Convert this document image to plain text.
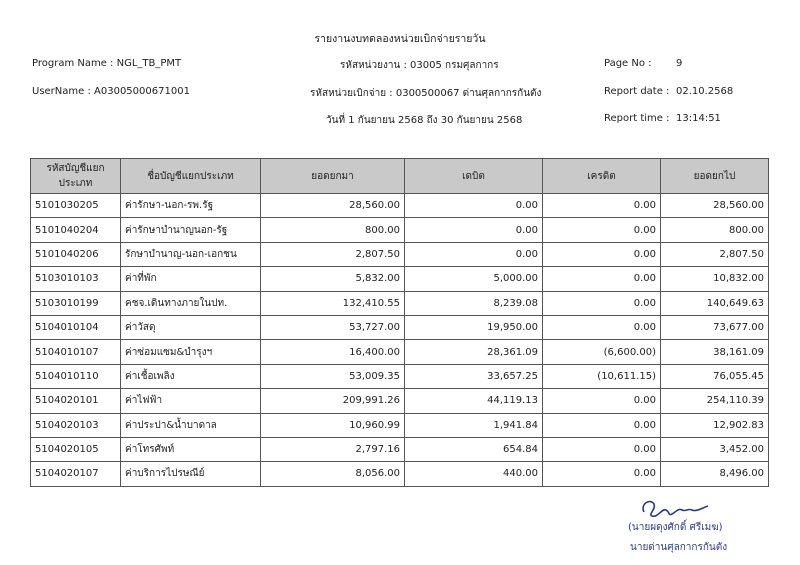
รายงานงบทดลองหน่วยเบิกจ่ายรายวัน
Program Name : NGL_TB_PMT	รหัสหน่วยงาน : 03005 กรมศุลกากร	Page No : 9
UserName : A03005000671001	รหัสหน่วยเบิกจ่าย : 0300500067 ด่านศุลกากรกันตัง	Report date : 02.10.2568
วันที่ 1 กันยายน 2568 ถึง 30 กันยายน 2568	Report time : 13:14:51
รหัสบัญชีแยกประเภท	ชื่อบัญชีแยกประเภท	ยอดยกมา	เดบิต	เครดิต	ยอดยกไป
5101030205	ค่ารักษา-นอก-รพ.รัฐ	28,560.00	0.00	0.00	28,560.00
5101040204	ค่ารักษาบำนาญนอก-รัฐ	800.00	0.00	0.00	800.00
5101040206	รักษาบำนาญ-นอก-เอกชน	2,807.50	0.00	0.00	2,807.50
5103010103	ค่าที่พัก	5,832.00	5,000.00	0.00	10,832.00
5103010199	คชจ.เดินทางภายในปท.	132,410.55	8,239.08	0.00	140,649.63
5104010104	ค่าวัสดุ	53,727.00	19,950.00	0.00	73,677.00
5104010107	ค่าซ่อมแซม&บำรุงฯ	16,400.00	28,361.09	(6,600.00)	38,161.09
5104010110	ค่าเชื้อเพลิง	53,009.35	33,657.25	(10,611.15)	76,055.45
5104020101	ค่าไฟฟ้า	209,991.26	44,119.13	0.00	254,110.39
5104020103	ค่าประปา&น้ำบาดาล	10,960.99	1,941.84	0.00	12,902.83
5104020105	ค่าโทรศัพท์	2,797.16	654.84	0.00	3,452.00
5104020107	ค่าบริการไปรษณีย์	8,056.00	440.00	0.00	8,496.00
(นายผดุงศักดิ์ ศรีเมฆ)
นายด่านศุลกากรกันตัง
